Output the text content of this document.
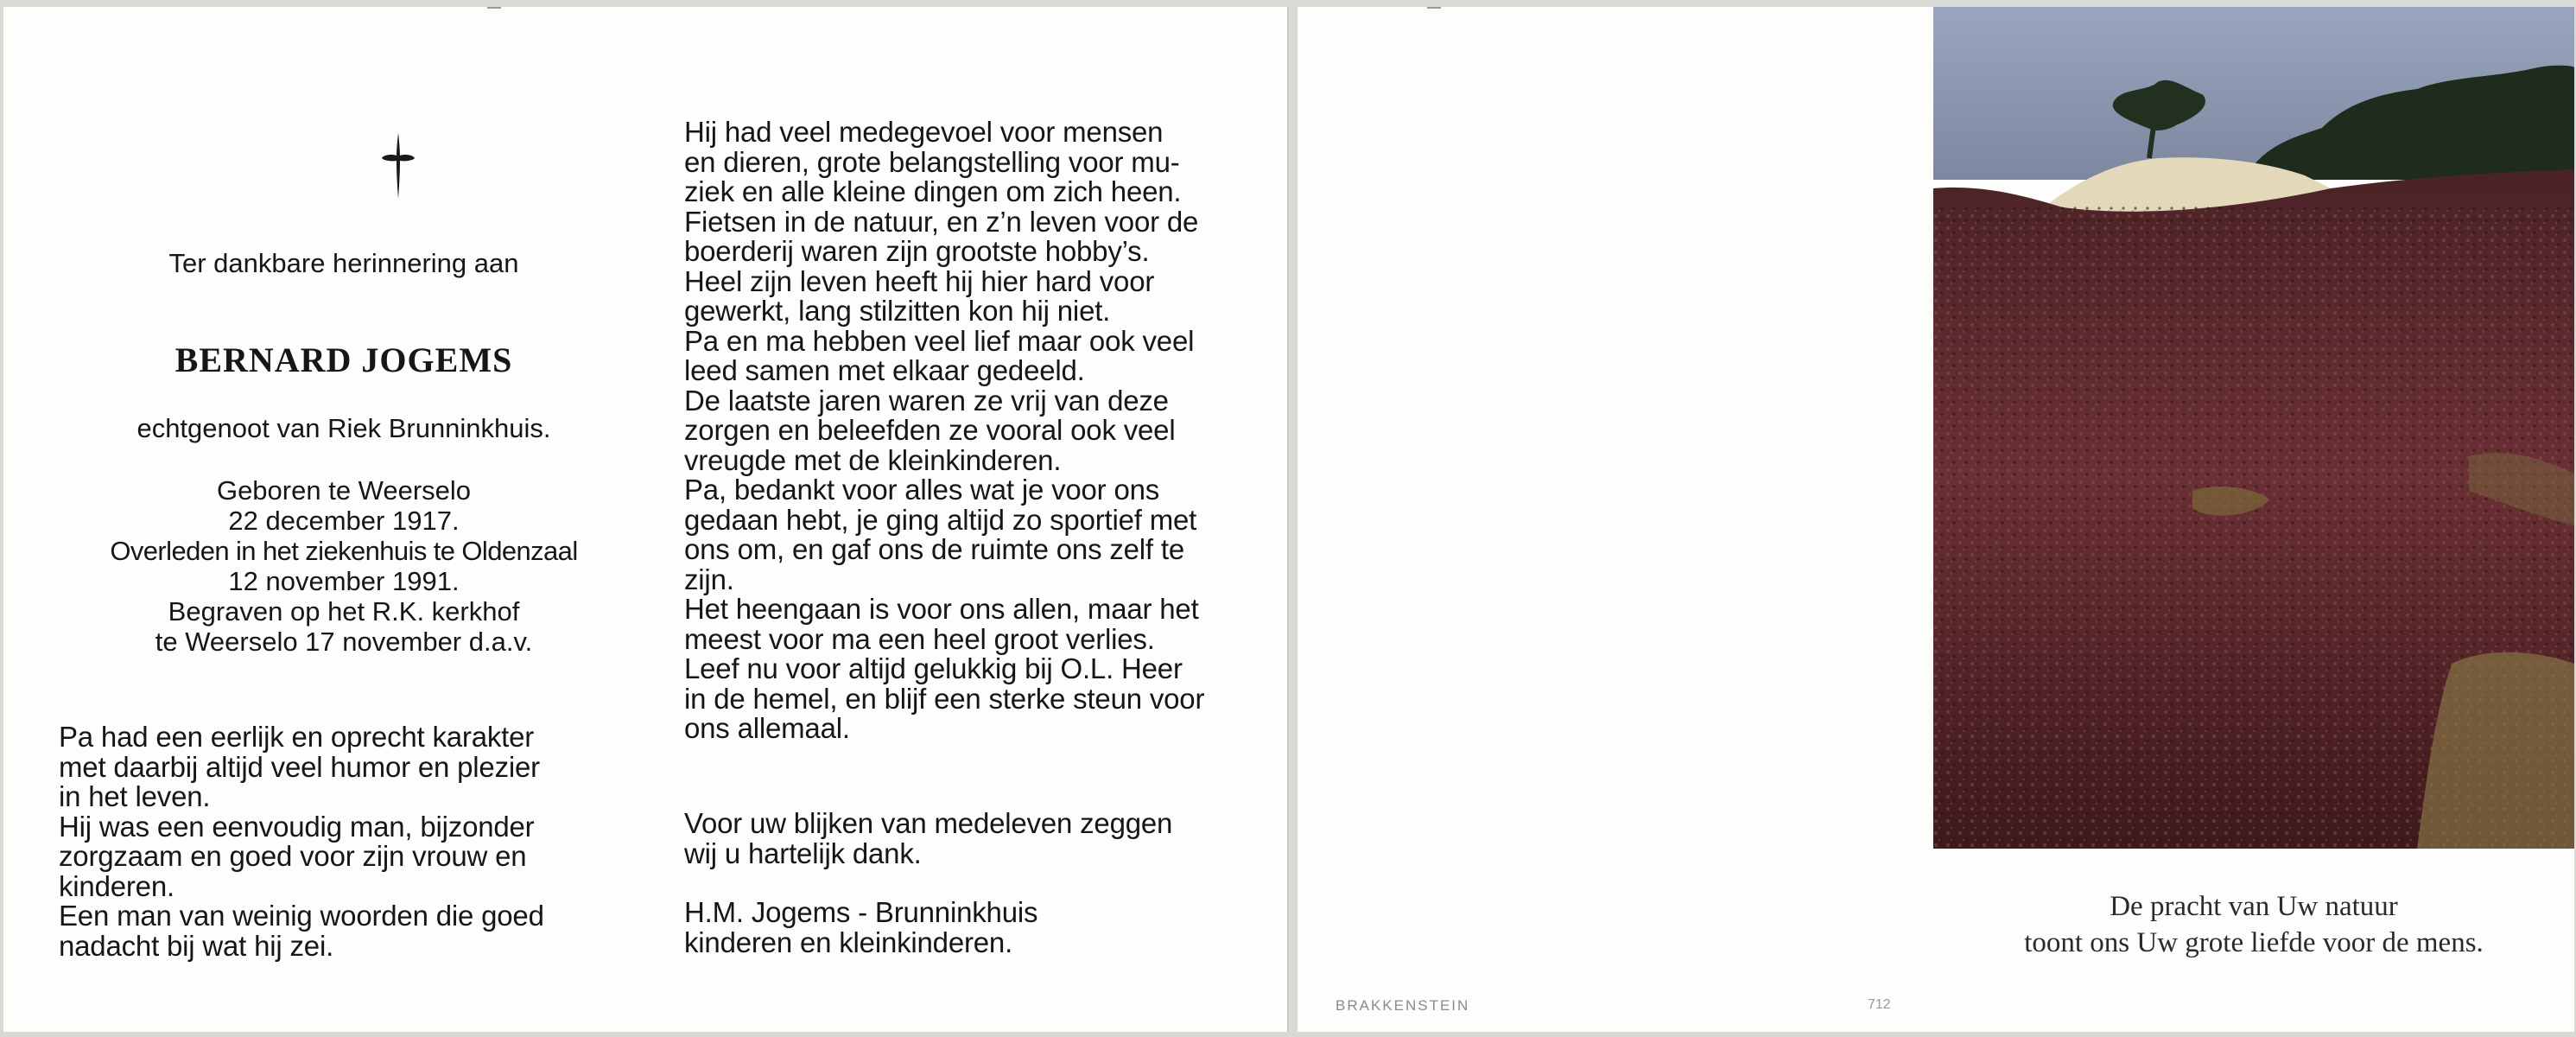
Ter dankbare herinnering aan
BERNARD JOGEMS
echtgenoot van Riek Brunninkhuis.
Geboren te Weerselo
22 december 1917.
Overleden in het ziekenhuis te Oldenzaal
12 november 1991.
Begraven op het R.K. kerkhof
te Weerselo 17 november d.a.v.

Pa had een eerlijk en oprecht karakter

met daarbij altijd veel humor en plezier

in het leven.

Hij was een eenvoudig man, bijzonder

zorgzaam en goed voor zijn vrouw en

kinderen.

Een man van weinig woorden die goed

nadacht bij wat hij zei.

Hij had veel medegevoel voor mensen

en dieren, grote belangstelling voor mu-

ziek en alle kleine dingen om zich heen.

Fietsen in de natuur, en z’n leven voor de

boerderij waren zijn grootste hobby’s.

Heel zijn leven heeft hij hier hard voor

gewerkt, lang stilzitten kon hij niet.

Pa en ma hebben veel lief maar ook veel

leed samen met elkaar gedeeld.

De laatste jaren waren ze vrij van deze

zorgen en beleefden ze vooral ook veel

vreugde met de kleinkinderen.

Pa, bedankt voor alles wat je voor ons

gedaan hebt, je ging altijd zo sportief met

ons om, en gaf ons de ruimte ons zelf te

zijn.

Het heengaan is voor ons allen, maar het

meest voor ma een heel groot verlies.

Leef nu voor altijd gelukkig bij O.L. Heer

in de hemel, en blijf een sterke steun voor

ons allemaal.

Voor uw blijken van medeleven zeggen

wij u hartelijk dank.

H.M. Jogems - Brunninkhuis

kinderen en kleinkinderen.

De pracht van Uw natuur
toont ons Uw grote liefde voor de mens.
BRAKKENSTEIN	712
